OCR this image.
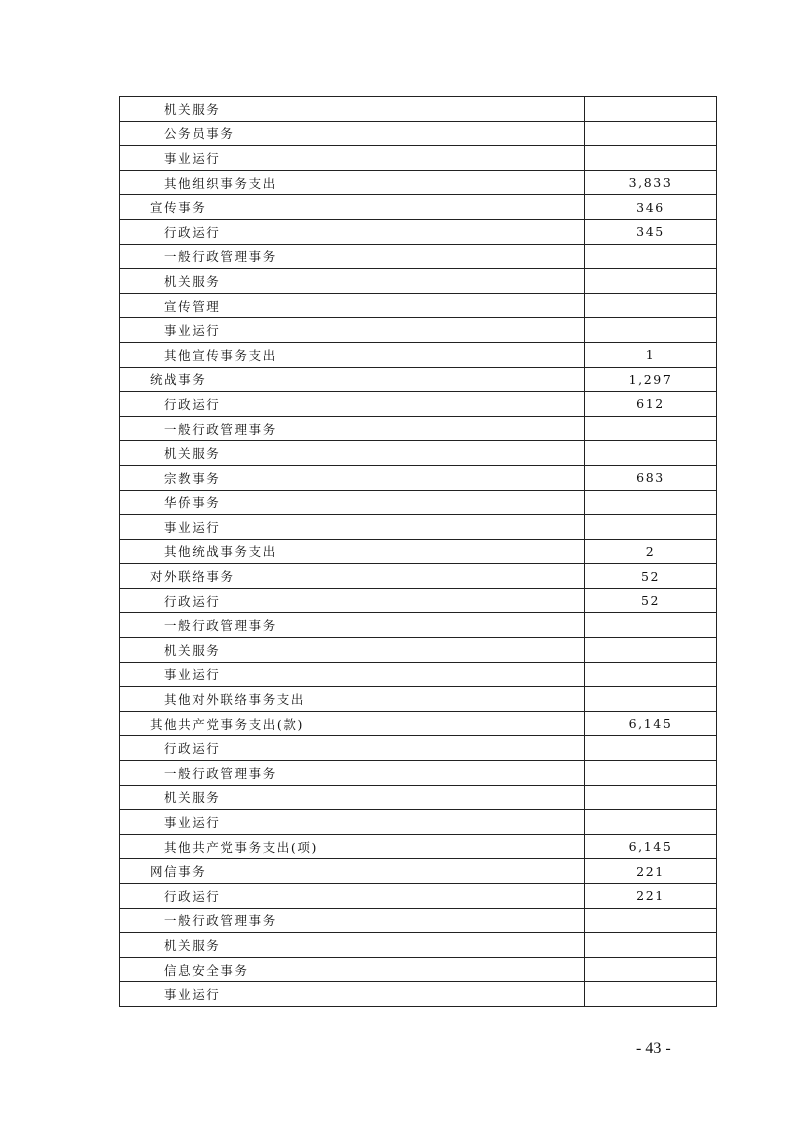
机关服务	
公务员事务	
事业运行	
其他组织事务支出	3,833
宣传事务	346
行政运行	345
一般行政管理事务	
机关服务	
宣传管理	
事业运行	
其他宣传事务支出	1
统战事务	1,297
行政运行	612
一般行政管理事务	
机关服务	
宗教事务	683
华侨事务	
事业运行	
其他统战事务支出	2
对外联络事务	52
行政运行	52
一般行政管理事务	
机关服务	
事业运行	
其他对外联络事务支出	
其他共产党事务支出(款)	6,145
行政运行	
一般行政管理事务	
机关服务	
事业运行	
其他共产党事务支出(项)	6,145
网信事务	221
行政运行	221
一般行政管理事务	
机关服务	
信息安全事务	
事业运行	
- 43 -
